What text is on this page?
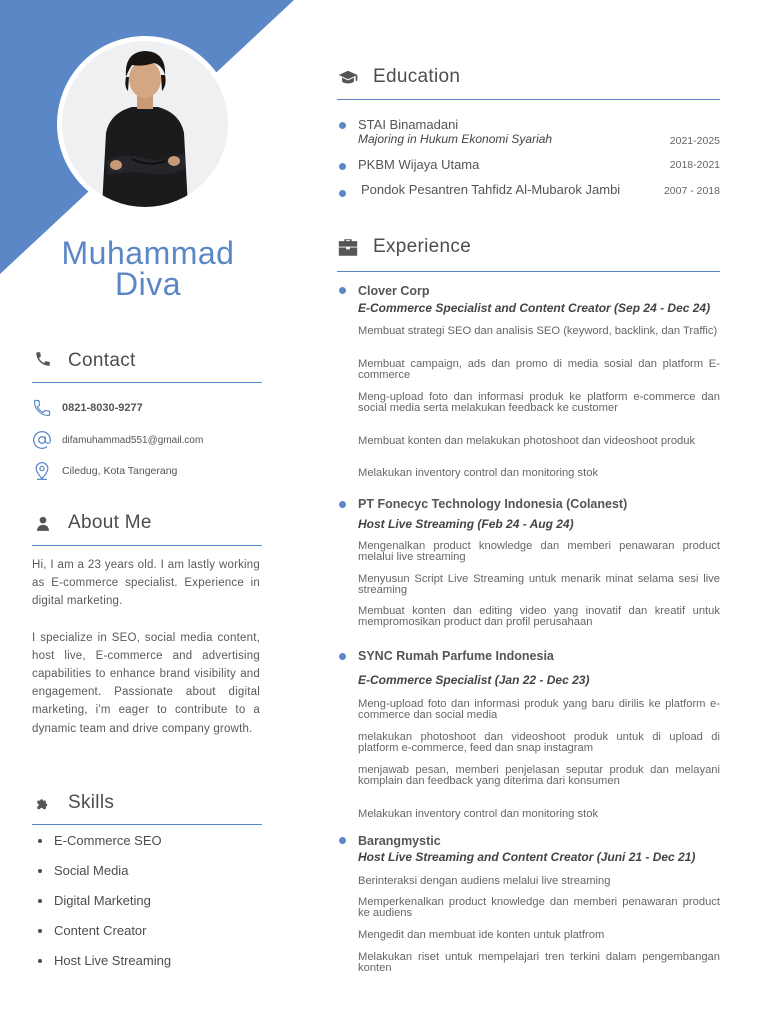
Muhammad
Diva
Contact
0821-8030-9277
difamuhammad551@gmail.com
Ciledug, Kota Tangerang
About Me

Hi, I am a 23 years old. I am lastly working as E-commerce specialist. Experience in digital marketing.

I specialize in SEO, social media content, host live, E-commerce and advertising capabilities to enhance brand visibility and engagement. Passionate about digital marketing, i'm eager to contribute to a dynamic team and drive company growth.

Skills
E-Commerce SEO
Social Media
Digital Marketing
Content Creator
Host Live Streaming
Education
STAI Binamadani
Majoring in Hukum Ekonomi Syariah	2021-2025
PKBM Wijaya Utama	2018-2021
Pondok Pesantren Tahfidz Al-Mubarok Jambi	2007 - 2018
Experience
Clover Corp
E-Commerce Specialist and Content Creator (Sep 24 - Dec 24)

Membuat strategi SEO dan analisis SEO (keyword, backlink, dan Traffic)

Membuat campaign, ads dan promo di media sosial dan platform E-commerce

Meng-upload foto dan informasi produk ke platform e-commerce dan social media serta melakukan feedback ke customer

Membuat konten dan melakukan photoshoot dan videoshoot produk

Melakukan inventory control dan monitoring stok

PT Fonecyc Technology Indonesia (Colanest)
Host Live Streaming (Feb 24 - Aug 24)

Mengenalkan product knowledge dan memberi penawaran product melalui live streaming

Menyusun Script Live Streaming untuk menarik minat selama sesi live streaming

Membuat konten dan editing video yang inovatif dan kreatif untuk mempromosikan product dan profil perusahaan

SYNC Rumah Parfume Indonesia
E-Commerce Specialist (Jan 22 - Dec 23)

Meng-upload foto dan informasi produk yang baru dirilis ke platform e-commerce dan social media

melakukan photoshoot dan videoshoot produk untuk di upload di platform e-commerce, feed dan snap instagram

menjawab pesan, memberi penjelasan seputar produk dan melayani komplain dan feedback yang diterima dari konsumen

Melakukan inventory control dan monitoring stok

Barangmystic
Host Live Streaming and Content Creator (Juni 21 - Dec 21)

Berinteraksi dengan audiens melalui live streaming

Memperkenalkan product knowledge dan memberi penawaran product ke audiens

Mengedit dan membuat ide konten untuk platfrom

Melakukan riset untuk mempelajari tren terkini dalam pengembangan konten
